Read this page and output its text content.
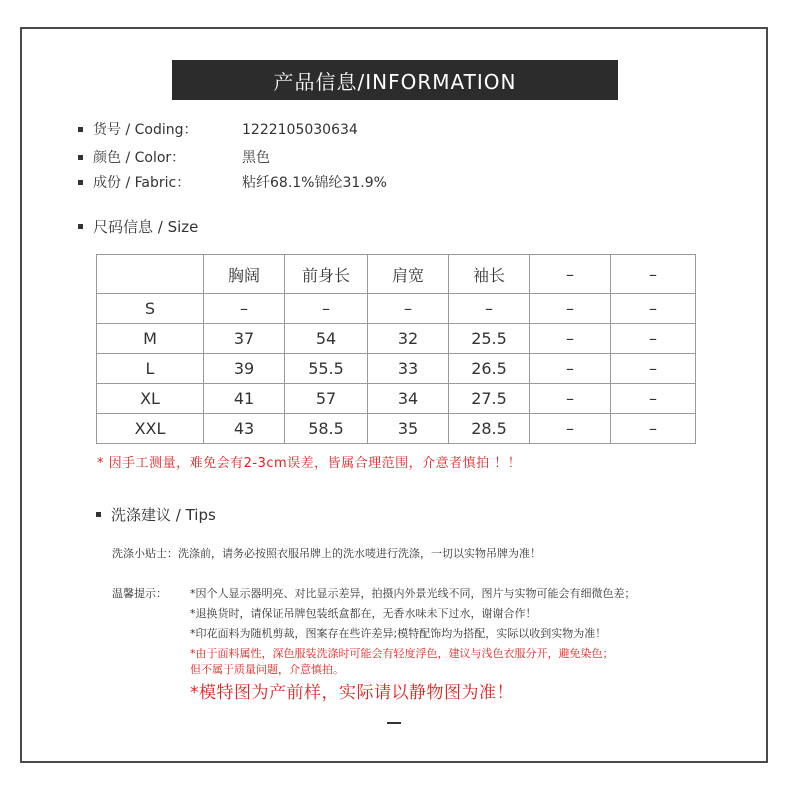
产品信息/INFORMATION
货号 / Coding：	1222105030634
颜色 / Color：	黑色
成份 / Fabric：	粘纤68.1%锦纶31.9%
尺码信息 / Size
	胸阔	前身长	肩宽	袖长	–	–
S	–	–	–	–	–	–
M	37	54	32	25.5	–	–
L	39	55.5	33	26.5	–	–
XL	41	57	34	27.5	–	–
XXL	43	58.5	35	28.5	–	–
* 因手工测量，难免会有2-3cm误差，皆属合理范围，介意者慎拍 ！！
洗涤建议 / Tips
洗涤小贴士：洗涤前，请务必按照衣服吊牌上的洗水唛进行洗涤，一切以实物吊牌为准！
温馨提示： *因个人显示器明亮、对比显示差异，拍摄内外景光线不同，图片与实物可能会有细微色差；
*退换货时，请保证吊牌包装纸盒都在，无香水味未下过水，谢谢合作！
*印花面料为随机剪裁，图案存在些许差异;模特配饰均为搭配，实际以收到实物为准！
*由于面料属性，深色服装洗涤时可能会有轻度浮色，建议与浅色衣服分开，避免染色；
但不属于质量问题，介意慎拍。
*模特图为产前样，实际请以静物图为准！
